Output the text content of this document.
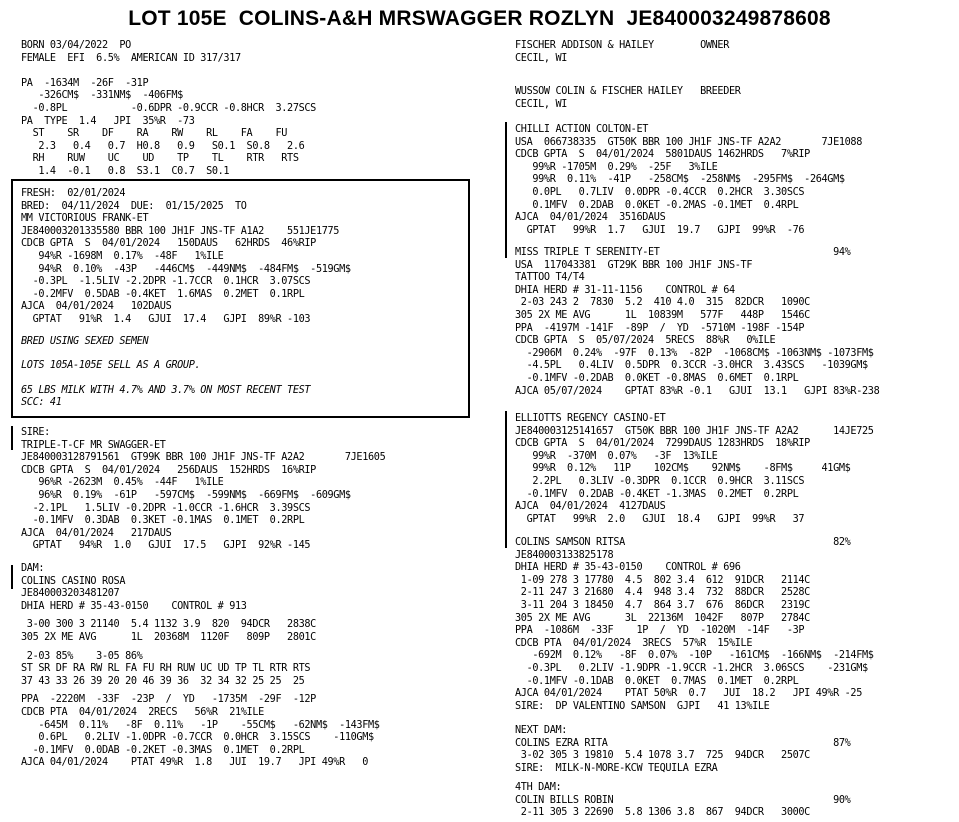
LOT 105E  COLINS-A&H MRSWAGGER ROZLYN  JE840003249878608
BORN 03/04/2022  PO
FEMALE  EFI  6.5%  AMERICAN ID 317/317
PA  -1634M  -26F  -31P
-326CM$  -331NM$  -406FM$
-0.8PL           -0.6DPR -0.9CCR -0.8HCR  3.27SCS
PA  TYPE  1.4   JPI  35%R  -73
ST    SR    DF    RA    RW    RL    FA    FU
2.3   0.4   0.7  H0.8   0.9   S0.1  S0.8   2.6
RH    RUW    UC    UD    TP    TL    RTR   RTS
1.4  -0.1   0.8  S3.1  C0.7  S0.1
FRESH:  02/01/2024
BRED:  04/11/2024  DUE:  01/15/2025  TO
MM VICTORIOUS FRANK-ET
JE840003201335580 BBR 100 JH1F JNS-TF A1A2    551JE1775
CDCB GPTA  S  04/01/2024   150DAUS   62HRDS  46%RIP
94%R -1698M  0.17%  -48F   1%ILE
94%R  0.10%  -43P   -446CM$  -449NM$  -484FM$  -519GM$
-0.3PL  -1.5LIV -2.2DPR -1.7CCR  0.1HCR  3.07SCS
-0.2MFV  0.5DAB -0.4KET  1.6MAS  0.2MET  0.1RPL
AJCA  04/01/2024   102DAUS
GPTAT   91%R  1.4   GJUI  17.4   GJPI  89%R -103
BRED USING SEXED SEMEN
LOTS 105A-105E SELL AS A GROUP.
65 LBS MILK WITH 4.7% AND 3.7% ON MOST RECENT TEST
SCC: 41
SIRE:
TRIPLE-T-CF MR SWAGGER-ET
JE840003128791561  GT99K BBR 100 JH1F JNS-TF A2A2       7JE1605
CDCB GPTA  S  04/01/2024   256DAUS  152HRDS  16%RIP
96%R -2623M  0.45%  -44F   1%ILE
96%R  0.19%  -61P   -597CM$  -599NM$  -669FM$  -609GM$
-2.1PL   1.5LIV -0.2DPR -1.0CCR -1.6HCR  3.39SCS
-0.1MFV  0.3DAB  0.3KET -0.1MAS  0.1MET  0.2RPL
AJCA  04/01/2024   217DAUS
GPTAT   94%R  1.0   GJUI  17.5   GJPI  92%R -145
DAM:
COLINS CASINO ROSA
JE840003203481207
DHIA HERD # 35-43-0150    CONTROL # 913
3-00 300 3 21140  5.4 1132 3.9  820  94DCR   2838C
305 2X ME AVG      1L  20368M  1120F   809P   2801C
2-03 85%    3-05 86%
ST SR DF RA RW RL FA FU RH RUW UC UD TP TL RTR RTS
37 43 33 26 39 20 20 46 39 36  32 34 32 25 25  25
PPA  -2220M  -33F  -23P  /  YD   -1735M  -29F  -12P
CDCB PTA  04/01/2024  2RECS   56%R  21%ILE
-645M  0.11%   -8F  0.11%   -1P    -55CM$   -62NM$  -143FM$
0.6PL   0.2LIV -1.0DPR -0.7CCR  0.0HCR  3.15SCS    -110GM$
-0.1MFV  0.0DAB -0.2KET -0.3MAS  0.1MET  0.2RPL
AJCA 04/01/2024    PTAT 49%R  1.8   JUI  19.7   JPI 49%R   0
FISCHER ADDISON & HAILEY        OWNER
CECIL, WI
WUSSOW COLIN & FISCHER HAILEY   BREEDER
CECIL, WI
CHILLI ACTION COLTON-ET
USA  066738335  GT50K BBR 100 JH1F JNS-TF A2A2       7JE1088
CDCB GPTA  S  04/01/2024  5801DAUS 1462HRDS   7%RIP
99%R -1705M  0.29%  -25F   3%ILE
99%R  0.11%  -41P   -258CM$  -258NM$  -295FM$  -264GM$
0.0PL   0.7LIV  0.0DPR -0.4CCR  0.2HCR  3.30SCS
0.1MFV  0.2DAB  0.0KET -0.2MAS -0.1MET  0.4RPL
AJCA  04/01/2024  3516DAUS
GPTAT   99%R  1.7   GJUI  19.7   GJPI  99%R  -76
MISS TRIPLE T SERENITY-ET                              94%
USA  117043381  GT29K BBR 100 JH1F JNS-TF
TATTOO T4/T4
DHIA HERD # 31-11-1156    CONTROL # 64
2-03 243 2  7830  5.2  410 4.0  315  82DCR   1090C
305 2X ME AVG      1L  10839M   577F   448P   1546C
PPA  -4197M -141F  -89P  /  YD  -5710M -198F -154P
CDCB GPTA  S  05/07/2024  5RECS  88%R   0%ILE
-2906M  0.24%  -97F  0.13%  -82P  -1068CM$ -1063NM$ -1073FM$
-4.5PL   0.4LIV  0.5DPR  0.3CCR -3.0HCR  3.43SCS   -1039GM$
-0.1MFV -0.2DAB  0.0KET -0.8MAS  0.6MET  0.1RPL
AJCA 05/07/2024    GPTAT 83%R -0.1   GJUI  13.1   GJPI 83%R-238
ELLIOTTS REGENCY CASINO-ET
JE840003125141657  GT50K BBR 100 JH1F JNS-TF A2A2      14JE725
CDCB GPTA  S  04/01/2024  7299DAUS 1283HRDS  18%RIP
99%R  -370M  0.07%   -3F  13%ILE
99%R  0.12%   11P    102CM$    92NM$    -8FM$     41GM$
2.2PL   0.3LIV -0.3DPR  0.1CCR  0.9HCR  3.11SCS
-0.1MFV  0.2DAB -0.4KET -1.3MAS  0.2MET  0.2RPL
AJCA  04/01/2024  4127DAUS
GPTAT   99%R  2.0   GJUI  18.4   GJPI  99%R   37
COLINS SAMSON RITSA                                    82%
JE840003133825178
DHIA HERD # 35-43-0150    CONTROL # 696
1-09 278 3 17780  4.5  802 3.4  612  91DCR   2114C
2-11 247 3 21680  4.4  948 3.4  732  88DCR   2528C
3-11 204 3 18450  4.7  864 3.7  676  86DCR   2319C
305 2X ME AVG      3L  22136M  1042F   807P   2784C
PPA  -1086M  -33F    1P  /  YD  -1020M  -14F   -3P
CDCB PTA  04/01/2024  3RECS  57%R  15%ILE
-692M  0.12%   -8F  0.07%  -10P   -161CM$  -166NM$  -214FM$
-0.3PL   0.2LIV -1.9DPR -1.9CCR -1.2HCR  3.06SCS    -231GM$
-0.1MFV -0.1DAB  0.0KET  0.7MAS  0.1MET  0.2RPL
AJCA 04/01/2024    PTAT 50%R  0.7   JUI  18.2   JPI 49%R -25
SIRE:  DP VALENTINO SAMSON  GJPI   41 13%ILE
NEXT DAM:
COLINS EZRA RITA                                       87%
3-02 305 3 19810  5.4 1078 3.7  725  94DCR   2507C
SIRE:  MILK-N-MORE-KCW TEQUILA EZRA
4TH DAM:
COLIN BILLS ROBIN                                      90%
2-11 305 3 22690  5.8 1306 3.8  867  94DCR   3000C
